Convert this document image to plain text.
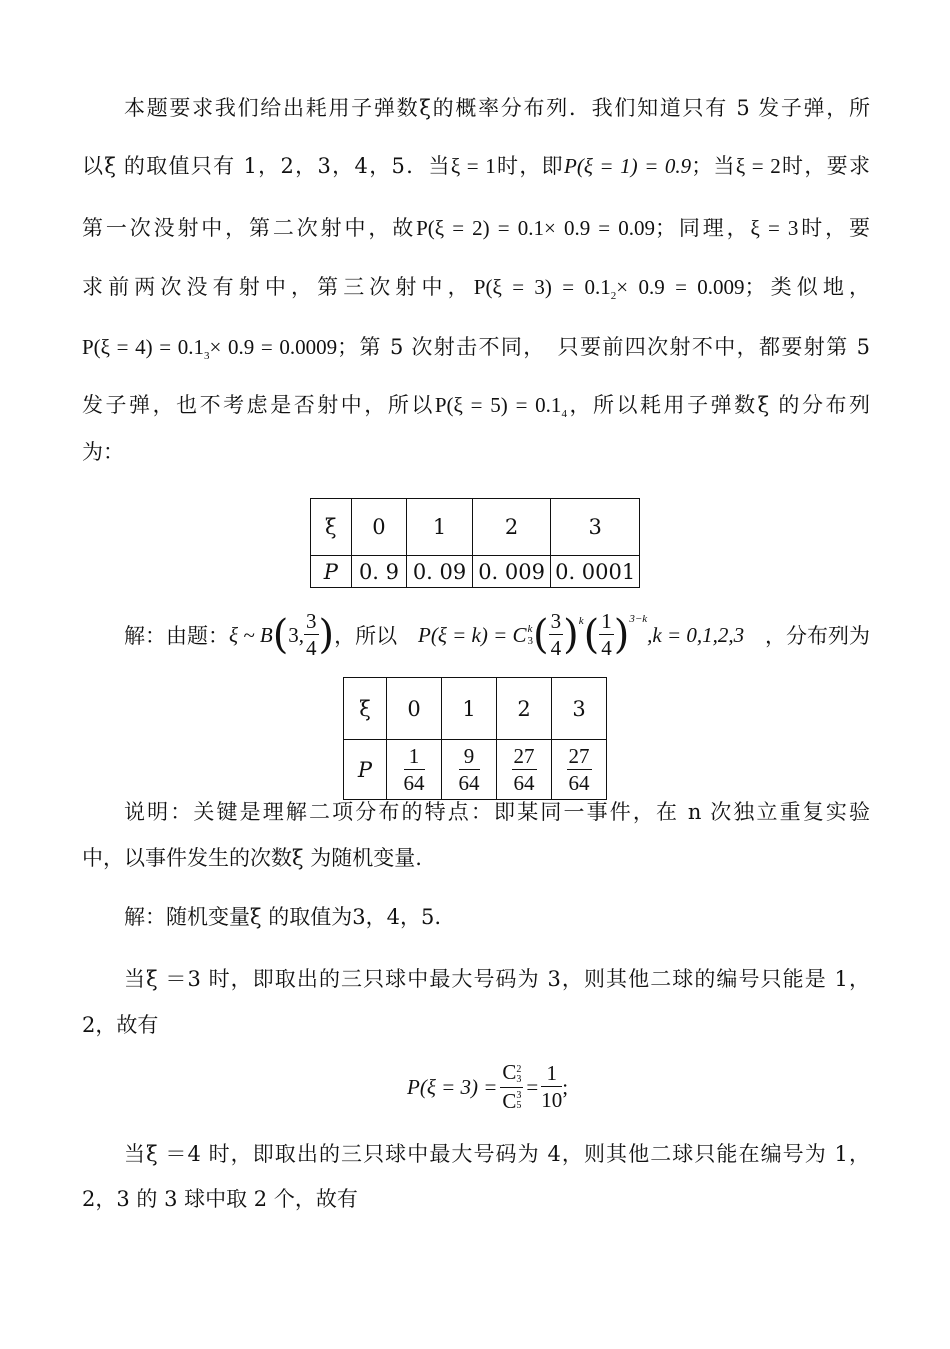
本题要求我们给出耗用子弹数ξ的概率分布列．我们知道只有 5 发子弹，所
以ξ 的取值只有 1，2，3，4，5．当ξ = 1时，即P(ξ = 1) = 0.9；当ξ = 2时，要求
第一次没射中，第二次射中，故P(ξ = 2) = 0.1× 0.9 = 0.09；同理，ξ = 3时，要
求前两次没有射中，第三次射中，$P(\xi = 3) = 0.1_2\times 0.9 = 0.009$；类似地，
$P(\xi = 4) = 0.1_3\times 0.9 = 0.0009$；第 5 次射击不同，　只要前四次射不中，都要射第 5
发子弹，也不考虑是否射中，所以$P(\xi = 5) = 0.1_4$，所以耗用子弹数ξ 的分布列
为：
ξ	0	1	2	3
P	0. 9	0. 09	0. 009	0. 0001
解：由题： ξ ~ B ( 3, $\frac{3}{4}$ ) ，所以 P(ξ = k) = C k
3 ( $\frac{3}{4} )^k$ ( $\frac{1}{4} )^{3-k}$
,k = 0,1,2,3 ，分布列为
ξ	0	1	2	3
P	$\frac{1}{64}$	$\frac{9}{64}$	$\frac{27}{64}$	$\frac{27}{64}$
说明：关键是理解二项分布的特点：即某同一事件，在 n 次独立重复实验
中，以事件发生的次数ξ 为随机变量.
解：随机变量ξ 的取值为3，4，5.
当ξ ＝3 时，即取出的三只球中最大号码为 3，则其他二球的编号只能是 1，
2，故有
P(ξ = 3) = C 2
3
C 3
$5 = \frac{1}{10}$ ;
当ξ ＝4 时，即取出的三只球中最大号码为 4，则其他二球只能在编号为 1，
2，3 的 3 球中取 2 个，故有
